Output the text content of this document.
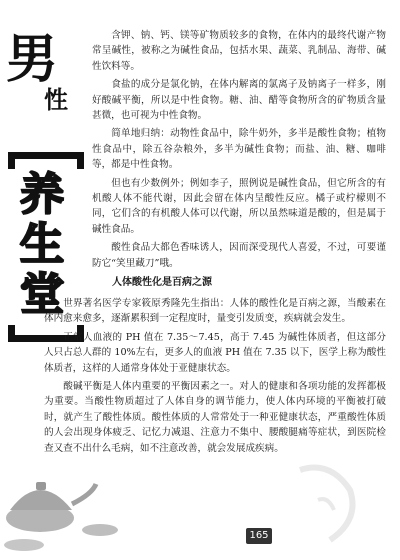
男
性
养
生
堂

含钾、钠、钙、镁等矿物质较多的食物，在体内的最终代谢产物常呈碱性，被称之为碱性食品，包括水果、蔬菜、乳制品、海带、碱性饮料等。

食盐的成分是氯化钠，在体内解离的氯离子及钠离子一样多，刚好酸碱平衡，所以是中性食物。糖、油、醋等食物所含的矿物质含量甚微，也可视为中性食物。

简单地归纳：动物性食品中，除牛奶外，多半是酸性食物；植物性食品中，除五谷杂粮外，多半为碱性食物；而盐、油、糖、咖啡等，都是中性食物。

但也有少数例外；例如李子，照例说是碱性食品，但它所含的有机酸人体不能代谢，因此会留在体内呈酸性反应。橘子或柠檬则不同，它们含的有机酸人体可以代谢，所以虽然味道是酸的，但是属于碱性食品。

酸性食品大都色香味诱人，因而深受现代人喜爱，不过，可要谨防它“笑里藏刀”哦。

人体酸性化是百病之源

世界著名医学专家筱原秀隆先生指出：人体的酸性化是百病之源，当酸素在体内愈来愈多，逐渐累积到一定程度时，量变引发质变，疾病就会发生。

正常人血液的 PH 值在 7.35～7.45，高于 7.45 为碱性体质者，但这部分人只占总人群的 10%左右，更多人的血液 PH 值在 7.35 以下，医学上称为酸性体质者，这样的人通常身体处于亚健康状态。

酸碱平衡是人体内重要的平衡因素之一。对人的健康和各项功能的发挥都极为重要。当酸性物质超过了人体自身的调节能力，使人体内环境的平衡被打破时，就产生了酸性体质。酸性体质的人常常处于一种亚健康状态，严重酸性体质的人会出现身体疲乏、记忆力减退、注意力不集中、腰酸腿痛等症状，到医院检查又查不出什么毛病，如不注意改善，就会发展成疾病。

165
